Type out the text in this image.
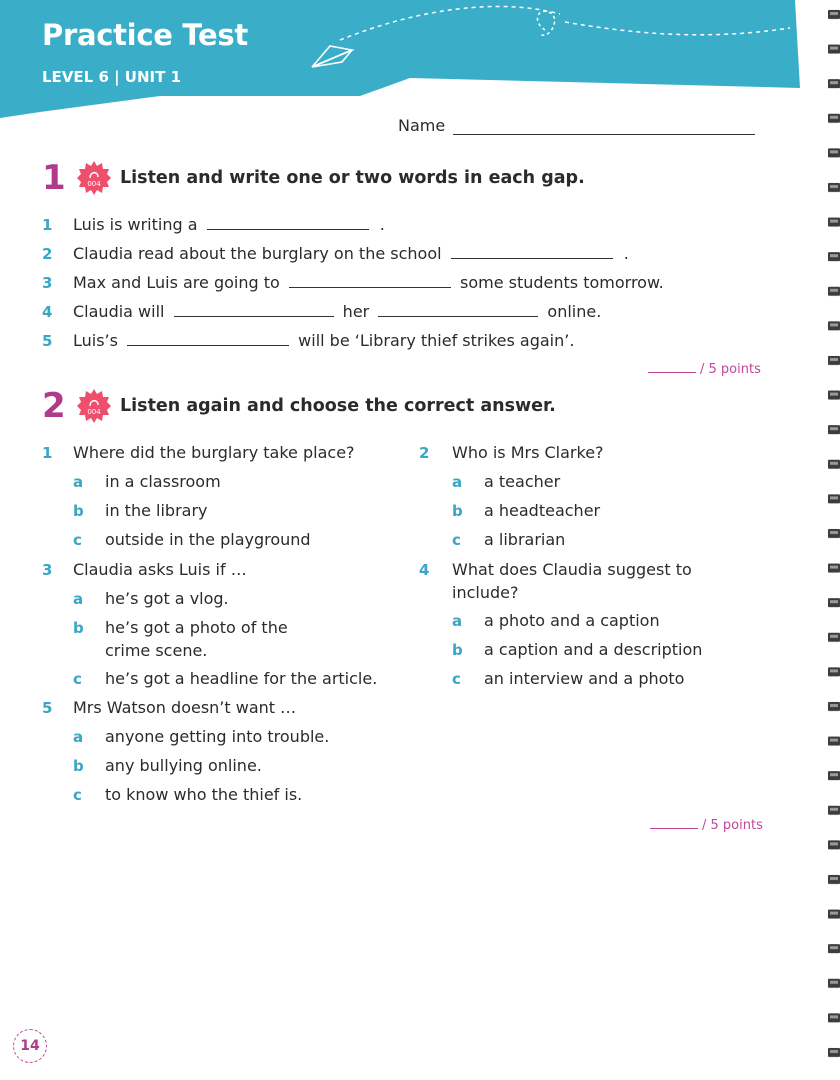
Practice Test
LEVEL 6 | UNIT 1
Name
1	004 Listen and write one or two words in each gap.
1 Luis is writing a	.
2 Claudia read about the burglary on the school	.
3 Max and Luis are going to	some students tomorrow.
4 Claudia will	her	online.
5 Luis’s	will be ‘Library thief strikes again’.
/ 5 points
2	004 Listen again and choose the correct answer.
1 Where did the burglary take place?
a in a classroom
b in the library
c outside in the playground
2 Who is Mrs Clarke?
a a teacher
b a headteacher
c a librarian
3 Claudia asks Luis if …
a he’s got a vlog.
b he’s got a photo of the
crime scene.
c he’s got a headline for the article.
4 What does Claudia suggest to
include?
a a photo and a caption
b a caption and a description
c an interview and a photo
5 Mrs Watson doesn’t want …
a anyone getting into trouble.
b any bullying online.
c to know who the thief is.
/ 5 points
14
